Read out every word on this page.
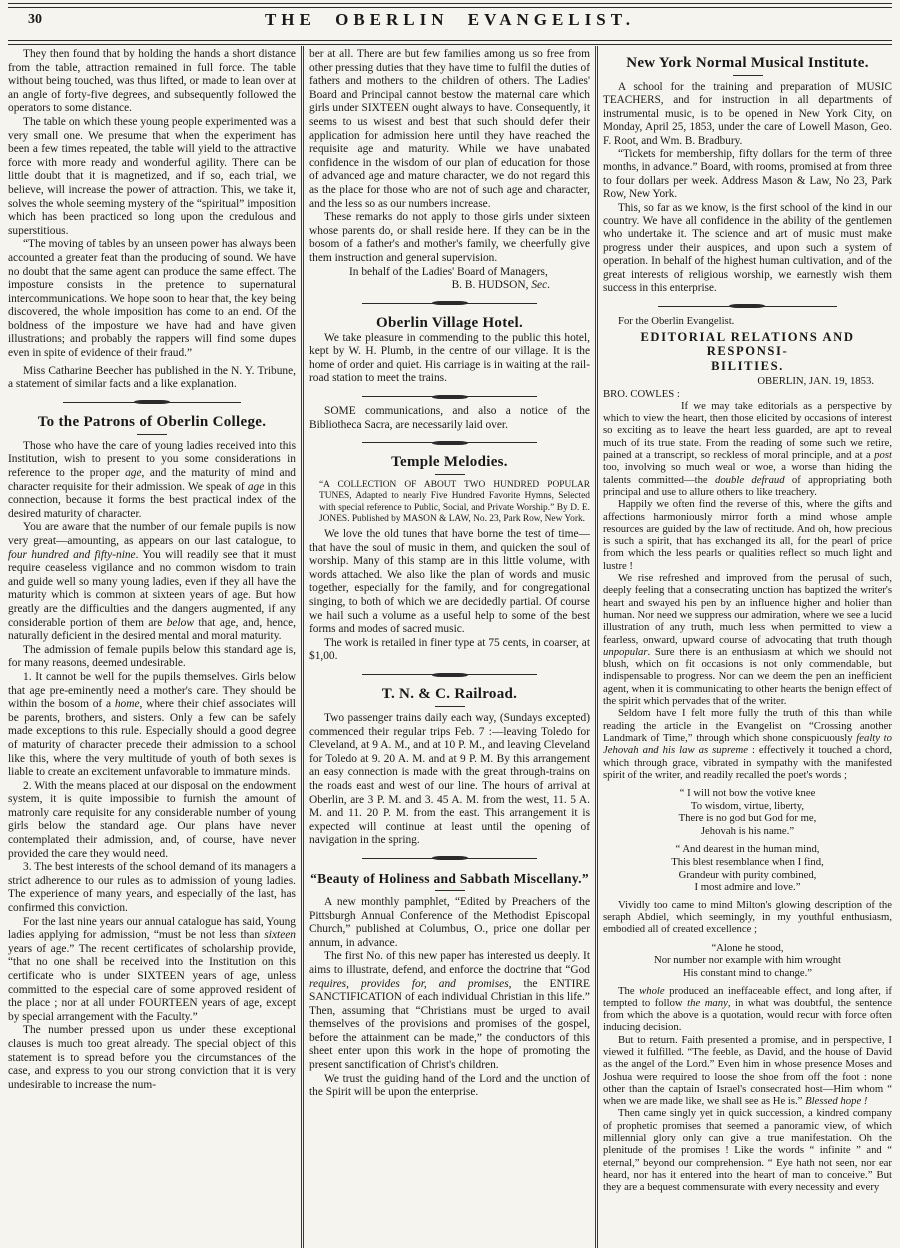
30	THE OBERLIN EVANGELIST.

They then found that by holding the hands a short distance from the table, attraction remained in full force. The table without being touched, was thus lifted, or made to lean over at an angle of forty-five degrees, and subsequently followed the operators to some distance.

The table on which these young people experimented was a very small one. We presume that when the experiment has been a few times repeated, the table will yield to the attractive force with more ready and wonderful agility. There can be little doubt that it is magnetized, and if so, each trial, we believe, will increase the power of attraction. This, we take it, solves the whole seeming mystery of the “spiritual” imposition which has been practiced so long upon the credulous and superstitious.

“The moving of tables by an unseen power has always been accounted a greater feat than the producing of sound. We have no doubt that the same agent can produce the same effect. The imposture consists in the pretence to supernatural intercommunications. We hope soon to hear that, the key being discovered, the whole imposition has come to an end. Of the boldness of the imposture we have had and have given illustrations; and probably the rappers will find some dupes even in spite of evidence of their fraud.”

Miss Catharine Beecher has published in the N. Y. Tribune, a statement of similar facts and a like explanation.

To the Patrons of Oberlin College.

Those who have the care of young ladies received into this Institution, wish to present to you some considerations in reference to the proper age, and the maturity of mind and character requisite for their admission. We speak of age in this connection, because it forms the best practical index of the desired maturity of character.

You are aware that the number of our female pupils is now very great—amounting, as appears on our last catalogue, to four hundred and fifty-nine. You will readily see that it must require ceaseless vigilance and no common wisdom to train and guide well so many young ladies, even if they all have the maturity which is common at sixteen years of age. But how greatly are the difficulties and the dangers augmented, if any considerable portion of them are below that age, and, hence, naturally deficient in the desired mental and moral maturity.

The admission of female pupils below this standard age is, for many reasons, deemed undesirable.

1. It cannot be well for the pupils themselves. Girls below that age pre-eminently need a mother's care. They should be within the bosom of a home, where their chief associates will be parents, brothers, and sisters. Only a few can be safely made exceptions to this rule. Especially should a good degree of maturity of character precede their admission to a school like this, where the very multitude of youth of both sexes is liable to create an excitement unfavorable to immature minds.

2. With the means placed at our disposal on the endowment system, it is quite impossibie to furnish the amount of matronly care requisite for any considerable number of young girls below the standard age. Our plans have never contemplated their admission, and, of course, have never provided the care they would need.

3. The best interests of the school demand of its managers a strict adherence to our rules as to admission of young ladies. The experience of many years, and especially of the last, has confirmed this conviction.

For the last nine years our annual catalogue has said, Young ladies applying for admission, “must be not less than sixteen years of age.” The recent certificates of scholarship provide, “that no one shall be received into the Institution on this certificate who is under SIXTEEN years of age, unless committed to the especial care of some approved resident of the place ; nor at all under FOURTEEN years of age, except by special arrangement with the Faculty.”

The number pressed upon us under these exceptional clauses is much too great already. The special object of this statement is to spread before you the circumstances of the case, and express to you our strong conviction that it is very undesirable to increase the num-

ber at all. There are but few families among us so free from other pressing duties that they have time to fulfil the duties of fathers and mothers to the children of others. The Ladies' Board and Principal cannot bestow the maternal care which girls under SIXTEEN ought always to have. Consequently, it seems to us wisest and best that such should defer their application for admission here until they have reached the requisite age and maturity. While we have unabated confidence in the wisdom of our plan of education for those of advanced age and mature character, we do not regard this as the place for those who are not of such age and character, and the less so as our numbers increase.

These remarks do not apply to those girls under sixteen whose parents do, or shall reside here. If they can be in the bosom of a father's and mother's family, we cheerfully give them instruction and general supervision.

In behalf of the Ladies' Board of Managers,

B. B. HUDSON, Sec.

Oberlin Village Hotel.

We take pleasure in commending to the public this hotel, kept by W. H. Plumb, in the centre of our village. It is the home of order and quiet. His carriage is in waiting at the rail-road station to meet the trains.

SOME communications, and also a notice of the Bibliotheca Sacra, are necessarily laid over.

Temple Melodies.

“A COLLECTION OF ABOUT TWO HUNDRED POPULAR TUNES, Adapted to nearly Five Hundred Favorite Hymns, Selected with special reference to Public, Social, and Private Worship.” By D. E. JONES. Published by MASON & LAW, No. 23, Park Row, New York.

We love the old tunes that have borne the test of time—that have the soul of music in them, and quicken the soul of worship. Many of this stamp are in this little volume, with words attached. We also like the plan of words and music together, especially for the family, and for congregational singing, to both of which we are decidedly partial. Of course we hail such a volume as a useful help to some of the best forms and modes of sacred music.

The work is retailed in finer type at 75 cents, in coarser, at $1,00.

T. N. & C. Railroad.

Two passenger trains daily each way, (Sundays excepted) commenced their regular trips Feb. 7 :—leaving Toledo for Cleveland, at 9 A. M., and at 10 P. M., and leaving Cleveland for Toledo at 9. 20 A. M. and at 9 P. M. By this arrangement an easy connection is made with the great through-trains on the roads east and west of our line. The hours of arrival at Oberlin, are 3 P. M. and 3. 45 A. M. from the west, 11. 5 A. M. and 11. 20 P. M. from the east. This arrangement it is expected will continue at least until the opening of navigation in the spring.

“Beauty of Holiness and Sabbath Miscellany.”

A new monthly pamphlet, “Edited by Preachers of the Pittsburgh Annual Conference of the Methodist Episcopal Church,” published at Columbus, O., price one dollar per annum, in advance.

The first No. of this new paper has interested us deeply. It aims to illustrate, defend, and enforce the doctrine that “God requires, provides for, and promises, the ENTIRE SANCTIFICATION of each individual Christian in this life.” Then, assuming that “Christians must be urged to avail themselves of the provisions and promises of the gospel, before the attainment can be made,” the conductors of this sheet enter upon this work in the hope of promoting the present sanctification of Christ's children.

We trust the guiding hand of the Lord and the unction of the Spirit will be upon the enterprise.

New York Normal Musical Institute.

A school for the training and preparation of MUSIC TEACHERS, and for instruction in all departments of instrumental music, is to be opened in New York City, on Monday, April 25, 1853, under the care of Lowell Mason, Geo. F. Root, and Wm. B. Bradbury.

“Tickets for membership, fifty dollars for the term of three months, in advance.” Board, with rooms, promised at from three to four dollars per week. Address Mason & Law, No 23, Park Row, New York.

This, so far as we know, is the first school of the kind in our country. We have all confidence in the ability of the gentlemen who undertake it. The science and art of music must make progress under their auspices, and upon such a system of operation. In behalf of the highest human cultivation, and of the great interests of religious worship, we earnestly wish them success in this enterprise.

For the Oberlin Evangelist.

EDITORIAL RELATIONS AND RESPONSI-
BILITIES.

OBERLIN, JAN. 19, 1853.

BRO. COWLES :

If we may take editorials as a perspective by which to view the heart, then those elicited by occasions of interest so exciting as to leave the heart less guarded, are apt to reveal much of its true state. From the reading of some such we retire, pained at a transcript, so reckless of moral principle, and at a post too, involving so much weal or woe, a worse than hiding the talents committed—the double defraud of appropriating both principal and use to allure others to like treachery.

Happily we often find the reverse of this, where the gifts and affections harmoniously mirror forth a mind whose ample resources are guided by the law of rectitude. And oh, how precious is such a spirit, that has exchanged its all, for the pearl of price from which the less pearls or qualities reflect so much light and lustre !

We rise refreshed and improved from the perusal of such, deeply feeling that a consecrating unction has baptized the writer's heart and swayed his pen by an influence higher and holier than human. Nor need we suppress our admiration, where we see a lucid illustration of any truth, much less when permitted to view a fearless, onward, upward course of advocating that truth though unpopular. Sure there is an enthusiasm at which we should not blush, which on fit occasions is not only commendable, but indispensable to progress. Nor can we deem the pen an inefficient agent, when it is communicating to other hearts the benign effect of the spirit which pervades that of the writer.

Seldom have I felt more fully the truth of this than while reading the article in the Evangelist on “Crossing another Landmark of Time,” through which shone conspicuously fealty to Jehovah and his law as supreme : effectively it touched a chord, which through grace, vibrated in sympathy with the manifested spirit of the writer, and readily recalled the poet's words ;

“ I will not bow the votive knee
To wisdom, virtue, liberty,
There is no god but God for me,
Jehovah is his name.”
“ And dearest in the human mind,
This blest resemblance when I find,
Grandeur with purity combined,
I most admire and love.”

Vividly too came to mind Milton's glowing description of the seraph Abdiel, which seemingly, in my youthful enthusiasm, embodied all of created excellence ;

“Alone he stood,
Nor number nor example with him wrought
His constant mind to change.”

The whole produced an ineffaceable effect, and long after, if tempted to follow the many, in what was doubtful, the sentence from which the above is a quotation, would recur with force often inducing decision.

But to return. Faith presented a promise, and in perspective, I viewed it fulfilled. “The feeble, as David, and the house of David as the angel of the Lord.” Even him in whose presence Moses and Joshua were required to loose the shoe from off the foot : none other than the captain of Israel's consecrated host—Him whom “ when we are made like, we shall see as He is.” Blessed hope !

Then came singly yet in quick succession, a kindred company of prophetic promises that seemed a panoramic view, of which millennial glory only can give a true manifestation. Oh the plenitude of the promises ! Like the words “ infinite ” and “ eternal,” beyond our comprehension. “ Eye hath not seen, nor ear heard, nor has it entered into the heart of man to conceive.” But they are a bequest commensurate with every necessity and every
